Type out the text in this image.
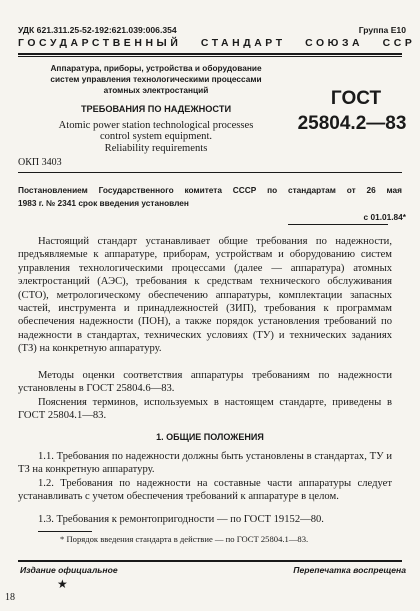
УДК 621.311.25-52-192:621.039:006.354	Группа Е10
ГОСУДАРСТВЕННЫЙ   СТАНДАРТ   СОЮЗА   ССР
Аппаратура, приборы, устройства и оборудование
систем управления технологическими процессами
атомных электростанций
ТРЕБОВАНИЯ ПО НАДЕЖНОСТИ
Atomic power station technological processes
control system equipment.
Reliability requirements
ГОСТ
25804.2—83
ОКП 3403
Постановлением Государственного комитета СССР по стандартам от 26 мая
1983 г. № 2341 срок введения установлен
с 01.01.84*
Настоящий стандарт устанавливает общие требования по надежности, предъявляемые к аппаратуре, приборам, устройствам и оборудованию систем управления технологическими процессами (далее — аппаратура) атомных электростанций (АЭС), требования к средствам технического обслуживания (СТО), метрологическому обеспечению аппаратуры, комплектации запасных частей, инструмента и принадлежностей (ЗИП), требования к программам обеспечения надежности (ПОН), а также порядок установления требований по надежности в стандартах, технических условиях (ТУ) и технических заданиях (ТЗ) на конкретную аппаратуру.
Методы оценки соответствия аппаратуры требованиям по надежности установлены в ГОСТ 25804.6—83.
Пояснения терминов, используемых в настоящем стандарте, приведены в ГОСТ 25804.1—83.
1. ОБЩИЕ ПОЛОЖЕНИЯ
1.1. Требования по надежности должны быть установлены в стандартах, ТУ и ТЗ на конкретную аппаратуру.
1.2. Требования по надежности на составные части аппаратуры следует устанавливать с учетом обеспечения требований к аппаратуре в целом.
1.3. Требования к ремонтопригодности — по ГОСТ 19152—80.
* Порядок введения стандарта в действие — по ГОСТ 25804.1—83.
Издание официальное	Перепечатка воспрещена
★
18
